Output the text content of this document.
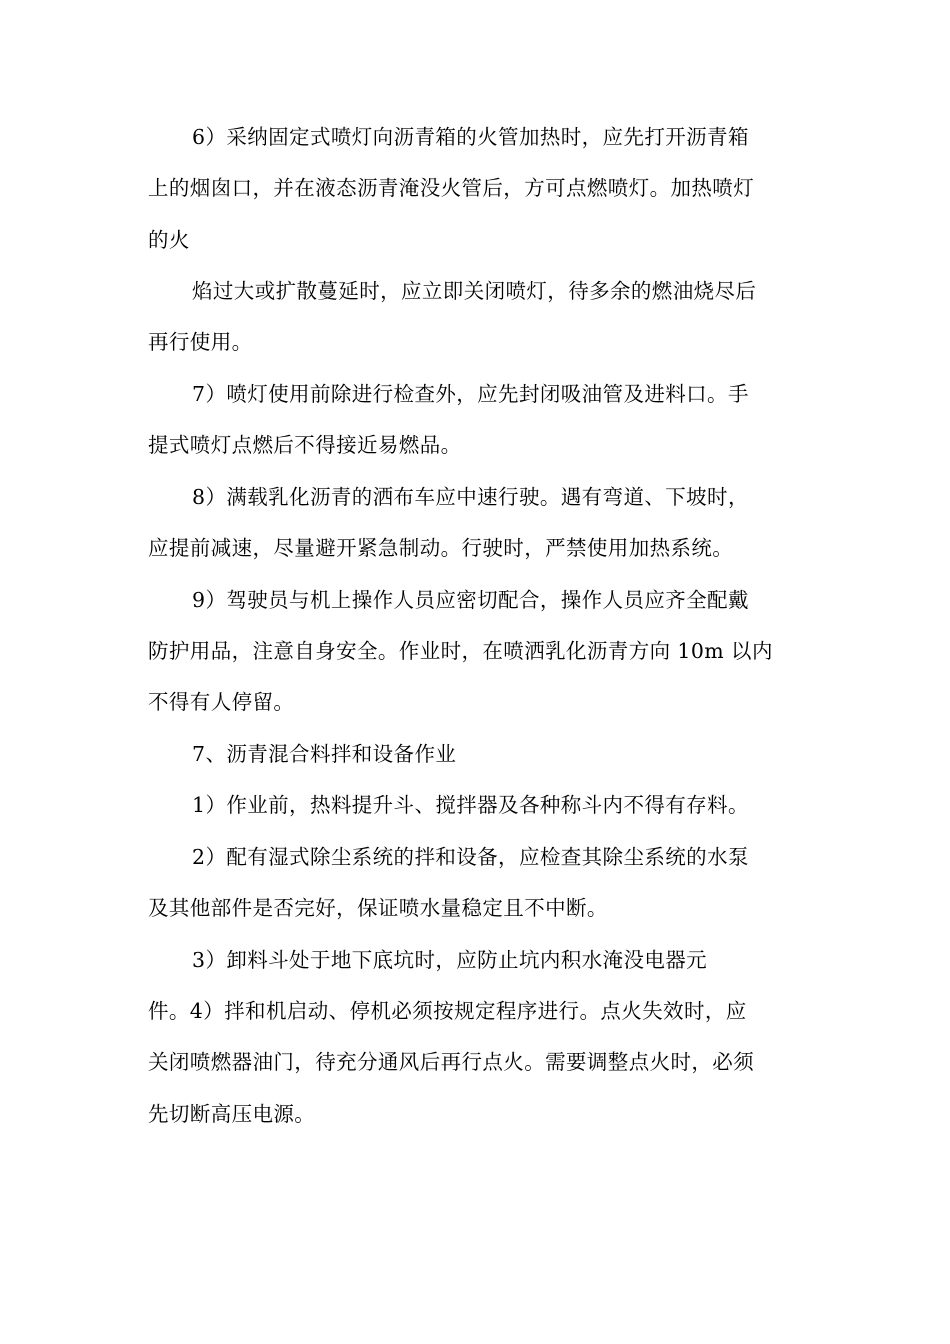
6）采纳固定式喷灯向沥青箱的火管加热时，应先打开沥青箱
上的烟囱口，并在液态沥青淹没火管后，方可点燃喷灯。加热喷灯
的火
焰过大或扩散蔓延时，应立即关闭喷灯，待多余的燃油烧尽后
再行使用。
7）喷灯使用前除进行检查外，应先封闭吸油管及进料口。手
提式喷灯点燃后不得接近易燃品。
8）满载乳化沥青的洒布车应中速行驶。遇有弯道、下坡时，
应提前减速，尽量避开紧急制动。行驶时，严禁使用加热系统。
9）驾驶员与机上操作人员应密切配合，操作人员应齐全配戴
防护用品，注意自身安全。作业时，在喷洒乳化沥青方向 10m 以内
不得有人停留。
7、沥青混合料拌和设备作业
1）作业前，热料提升斗、搅拌器及各种称斗内不得有存料。
2）配有湿式除尘系统的拌和设备，应检查其除尘系统的水泵
及其他部件是否完好，保证喷水量稳定且不中断。
3）卸料斗处于地下底坑时，应防止坑内积水淹没电器元
件。4）拌和机启动、停机必须按规定程序进行。点火失效时，应
关闭喷燃器油门，待充分通风后再行点火。需要调整点火时，必须
先切断高压电源。
